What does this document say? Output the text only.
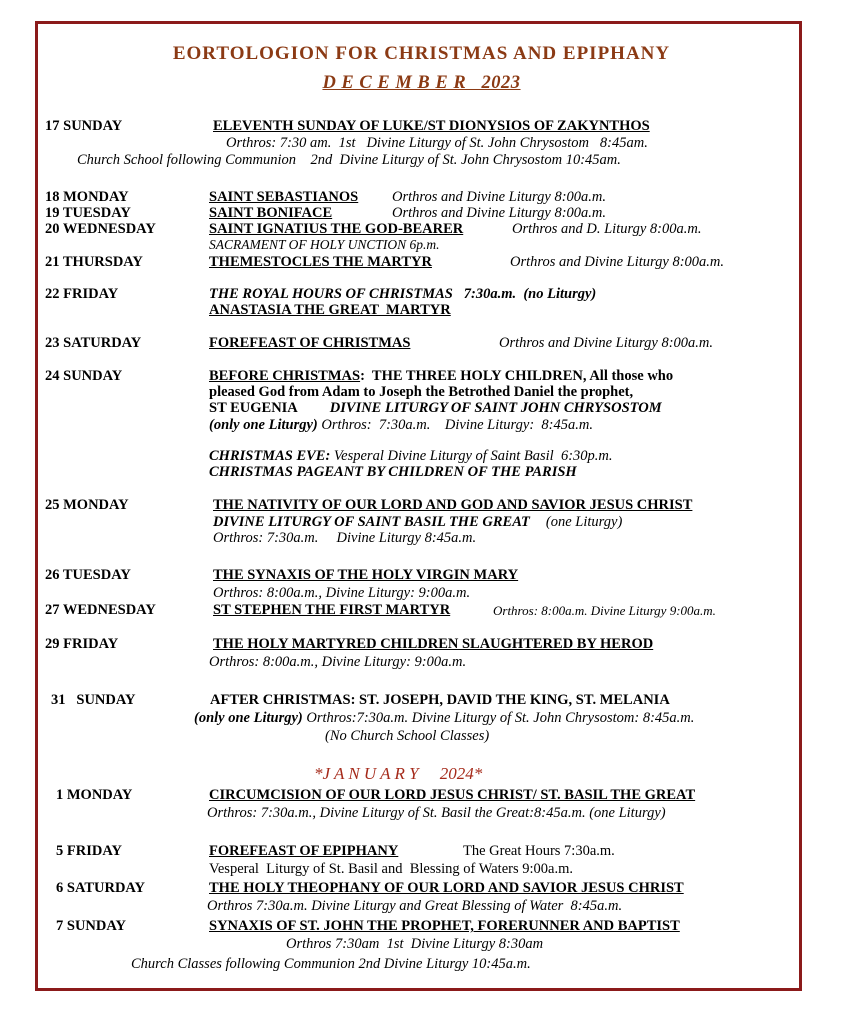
EORTOLOGION FOR CHRISTMAS AND EPIPHANY
D E C E M B E R   2023
17 SUNDAY	ELEVENTH SUNDAY OF LUKE/ST DIONYSIOS OF ZAKYNTHOS
Orthros: 7:30 am.  1st   Divine Liturgy of St. John Chrysostom   8:45am.
Church School following Communion    2nd  Divine Liturgy of St. John Chrysostom 10:45am.
18 MONDAY	SAINT SEBASTIANOS Orthros and Divine Liturgy 8:00a.m.
19 TUESDAY	SAINT BONIFACE	Orthros and Divine Liturgy 8:00a.m.
20 WEDNESDAY	SAINT IGNATIUS THE GOD-BEARER	Orthros and D. Liturgy 8:00a.m.
SACRAMENT OF HOLY UNCTION 6p.m.
21 THURSDAY	THEMESTOCLES THE MARTYR	Orthros and Divine Liturgy 8:00a.m.
22 FRIDAY	THE ROYAL HOURS OF CHRISTMAS   7:30a.m.  (no Liturgy)
ANASTASIA THE GREAT  MARTYR
23 SATURDAY	FOREFEAST OF CHRISTMAS	Orthros and Divine Liturgy 8:00a.m.
24 SUNDAY	BEFORE CHRISTMAS:  THE THREE HOLY CHILDREN, All those who
pleased God from Adam to Joseph the Betrothed Daniel the prophet,
ST EUGENIA DIVINE LITURGY OF SAINT JOHN CHRYSOSTOM
(only one Liturgy) Orthros:  7:30a.m.    Divine Liturgy:  8:45a.m.
CHRISTMAS EVE: Vesperal Divine Liturgy of Saint Basil  6:30p.m.
CHRISTMAS PAGEANT BY CHILDREN OF THE PARISH
25 MONDAY	THE NATIVITY OF OUR LORD AND GOD AND SAVIOR JESUS CHRIST
DIVINE LITURGY OF SAINT BASIL THE GREAT (one Liturgy)
Orthros: 7:30a.m.     Divine Liturgy 8:45a.m.
26 TUESDAY	THE SYNAXIS OF THE HOLY VIRGIN MARY
Orthros: 8:00a.m., Divine Liturgy: 9:00a.m.
27 WEDNESDAY	ST STEPHEN THE FIRST MARTYR	Orthros: 8:00a.m. Divine Liturgy 9:00a.m.
29 FRIDAY	THE HOLY MARTYRED CHILDREN SLAUGHTERED BY HEROD
Orthros: 8:00a.m., Divine Liturgy: 9:00a.m.
31   SUNDAY	AFTER CHRISTMAS: ST. JOSEPH, DAVID THE KING, ST. MELANIA
(only one Liturgy) Orthros:7:30a.m. Divine Liturgy of St. John Chrysostom: 8:45a.m.
(No Church School Classes)
*J A N U A R Y     2024*
1 MONDAY	CIRCUMCISION OF OUR LORD JESUS CHRIST/ ST. BASIL THE GREAT
Orthros: 7:30a.m., Divine Liturgy of St. Basil the Great:8:45a.m. (one Liturgy)
5 FRIDAY	FOREFEAST OF EPIPHANY	The Great Hours 7:30a.m.
Vesperal  Liturgy of St. Basil and  Blessing of Waters 9:00a.m.
6 SATURDAY	THE HOLY THEOPHANY OF OUR LORD AND SAVIOR JESUS CHRIST
Orthros 7:30a.m. Divine Liturgy and Great Blessing of Water  8:45a.m.
7 SUNDAY	SYNAXIS OF ST. JOHN THE PROPHET, FORERUNNER AND BAPTIST
Orthros 7:30am  1st  Divine Liturgy 8:30am
Church Classes following Communion 2nd Divine Liturgy 10:45a.m.
